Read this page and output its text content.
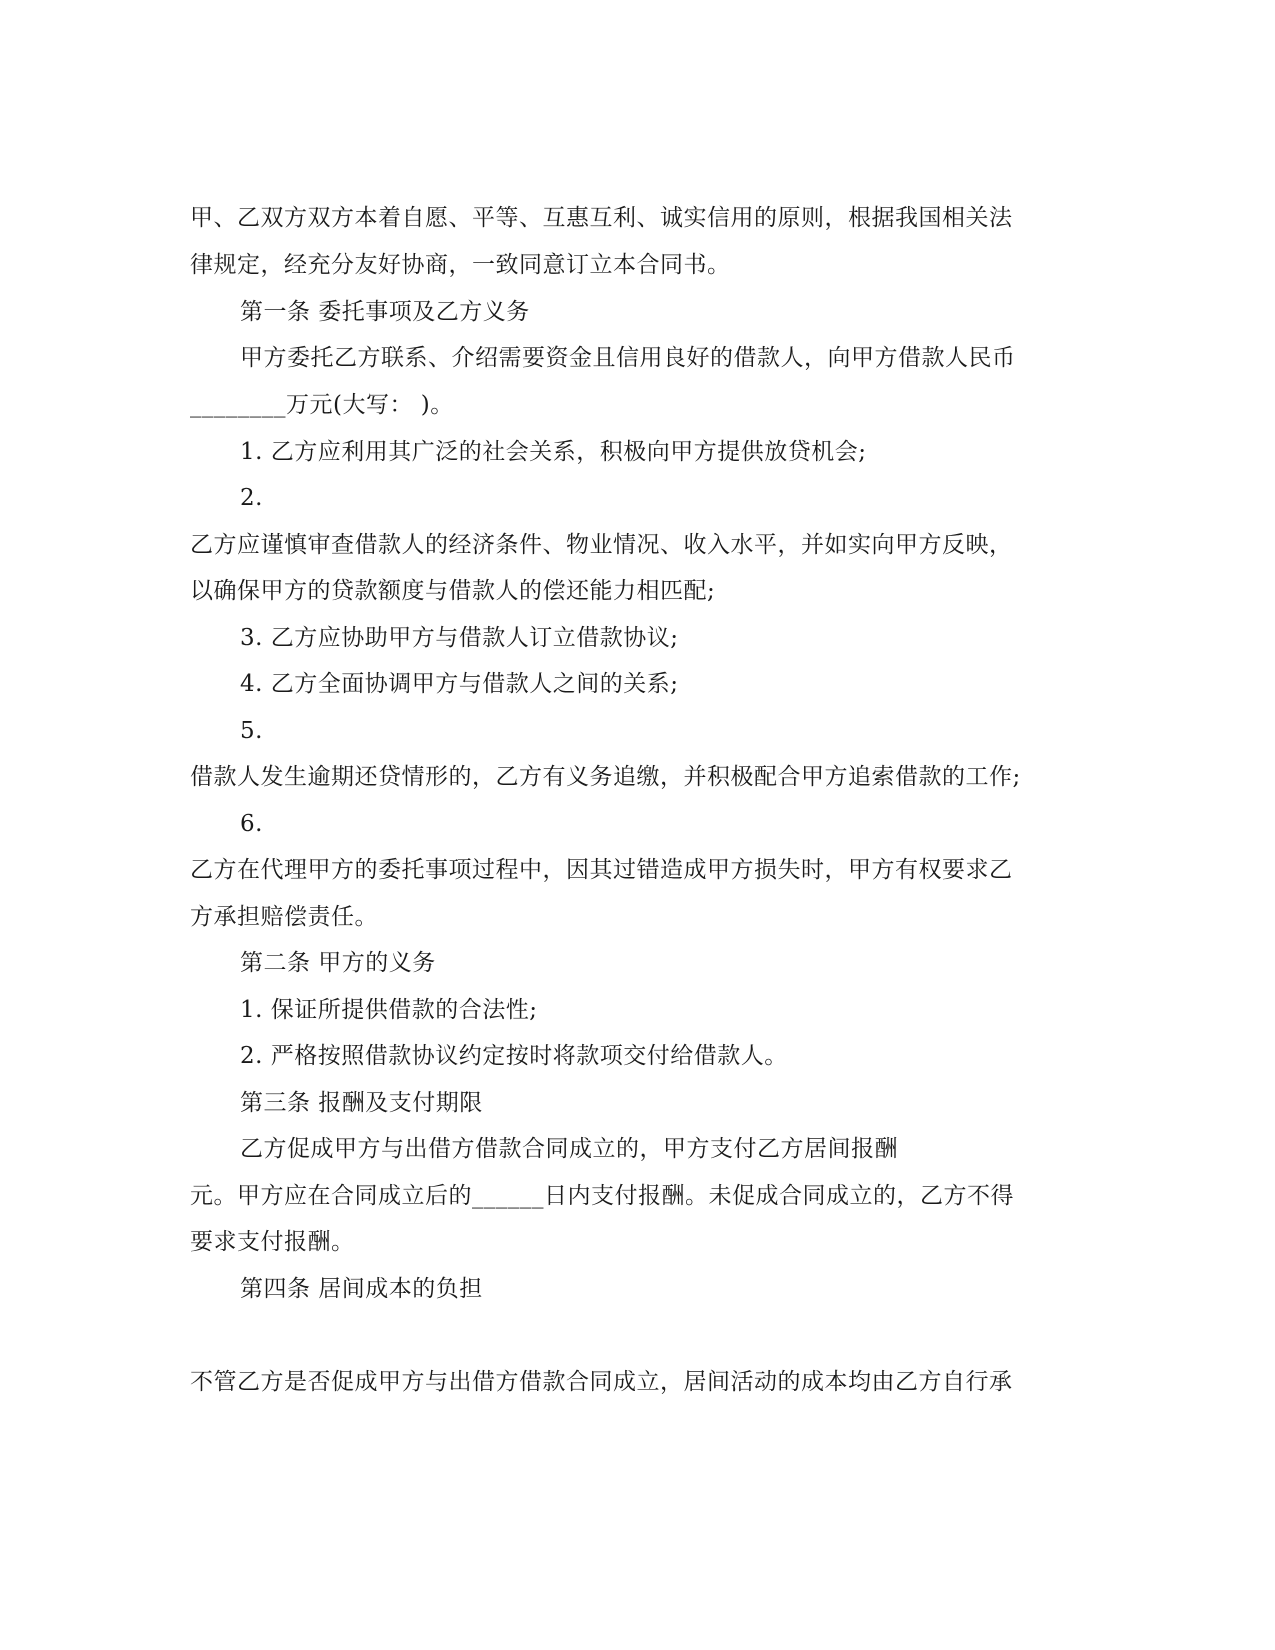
甲、乙双方双方本着自愿、平等、互惠互利、诚实信用的原则，根据我国相关法
律规定，经充分友好协商，一致同意订立本合同书。
第一条 委托事项及乙方义务
甲方委托乙方联系、介绍需要资金且信用良好的借款人，向甲方借款人民币
________万元(大写： )。
1. 乙方应利用其广泛的社会关系，积极向甲方提供放贷机会;
2.
乙方应谨慎审查借款人的经济条件、物业情况、收入水平，并如实向甲方反映，
以确保甲方的贷款额度与借款人的偿还能力相匹配;
3. 乙方应协助甲方与借款人订立借款协议;
4. 乙方全面协调甲方与借款人之间的关系;
5.
借款人发生逾期还贷情形的，乙方有义务追缴，并积极配合甲方追索借款的工作;
6.
乙方在代理甲方的委托事项过程中，因其过错造成甲方损失时，甲方有权要求乙
方承担赔偿责任。
第二条 甲方的义务
1. 保证所提供借款的合法性;
2. 严格按照借款协议约定按时将款项交付给借款人。
第三条 报酬及支付期限
乙方促成甲方与出借方借款合同成立的，甲方支付乙方居间报酬
元。甲方应在合同成立后的______日内支付报酬。未促成合同成立的，乙方不得
要求支付报酬。
第四条 居间成本的负担
不管乙方是否促成甲方与出借方借款合同成立，居间活动的成本均由乙方自行承
